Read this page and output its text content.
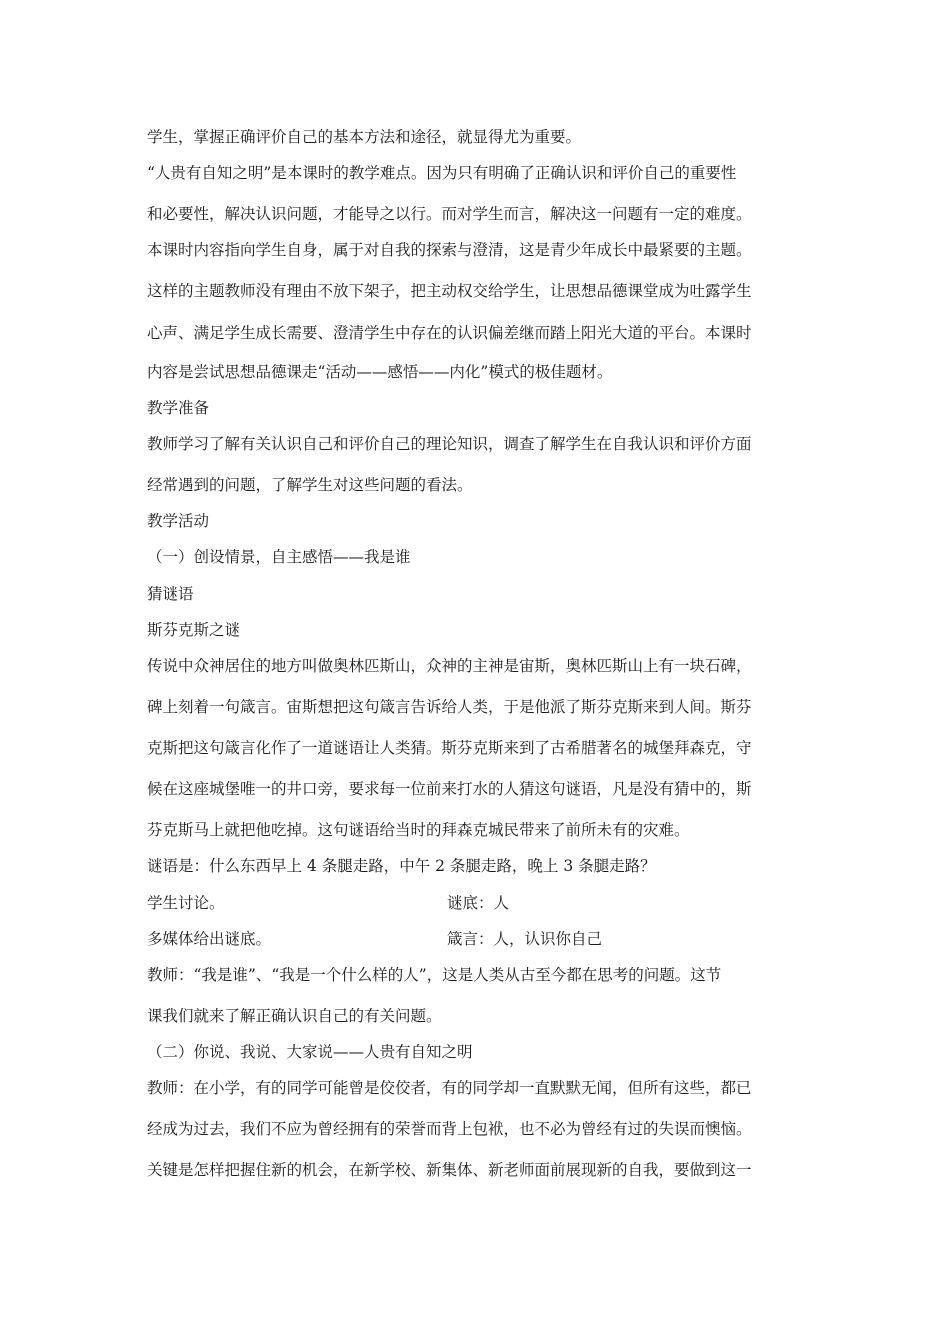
学生，掌握正确评价自己的基本方法和途径，就显得尤为重要。
“人贵有自知之明”是本课时的教学难点。因为只有明确了正确认识和评价自己的重要性
和必要性，解决认识问题，才能导之以行。而对学生而言，解决这一问题有一定的难度。
本课时内容指向学生自身，属于对自我的探索与澄清，这是青少年成长中最紧要的主题。
这样的主题教师没有理由不放下架子，把主动权交给学生，让思想品德课堂成为吐露学生
心声、满足学生成长需要、澄清学生中存在的认识偏差继而踏上阳光大道的平台。本课时
内容是尝试思想品德课走“活动——感悟——内化”模式的极佳题材。
教学准备
教师学习了解有关认识自己和评价自己的理论知识，调查了解学生在自我认识和评价方面
经常遇到的问题，了解学生对这些问题的看法。
教学活动
（一）创设情景，自主感悟——我是谁
猜谜语
斯芬克斯之谜
传说中众神居住的地方叫做奥林匹斯山，众神的主神是宙斯，奥林匹斯山上有一块石碑，
碑上刻着一句箴言。宙斯想把这句箴言告诉给人类，于是他派了斯芬克斯来到人间。斯芬
克斯把这句箴言化作了一道谜语让人类猜。斯芬克斯来到了古希腊著名的城堡拜森克，守
候在这座城堡唯一的井口旁，要求每一位前来打水的人猜这句谜语，凡是没有猜中的，斯
芬克斯马上就把他吃掉。这句谜语给当时的拜森克城民带来了前所未有的灾难。
谜语是：什么东西早上 4 条腿走路，中午 2 条腿走路，晚上 3 条腿走路？
学生讨论。	谜底：人
多媒体给出谜底。	箴言：人，认识你自己
教师：“我是谁”、“我是一个什么样的人”，这是人类从古至今都在思考的问题。这节
课我们就来了解正确认识自己的有关问题。
（二）你说、我说、大家说——人贵有自知之明
教师：在小学，有的同学可能曾是佼佼者，有的同学却一直默默无闻，但所有这些，都已
经成为过去，我们不应为曾经拥有的荣誉而背上包袱，也不必为曾经有过的失误而懊恼。
关键是怎样把握住新的机会，在新学校、新集体、新老师面前展现新的自我，要做到这一
